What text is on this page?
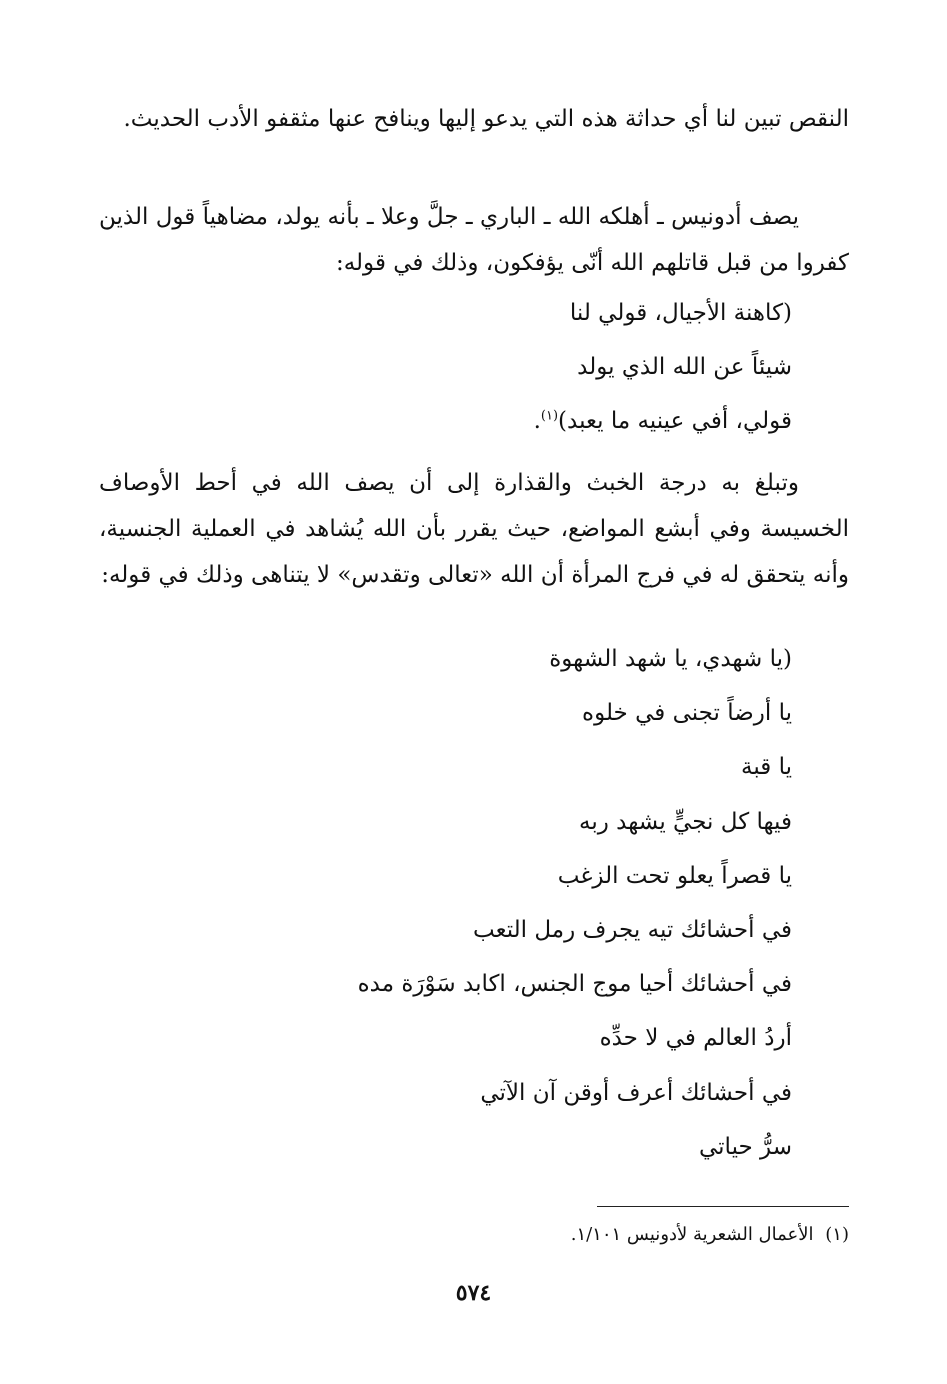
النقص تبين لنا أي حداثة هذه التي يدعو إليها وينافح عنها مثقفو الأدب الحديث.

يصف أدونيس ـ أهلكه الله ـ الباري ـ جلَّ وعلا ـ بأنه يولد، مضاهياً قول الذين كفروا من قبل قاتلهم الله أنّى يؤفكون، وذلك في قوله:

(كاهنة الأجيال، قولي لنا
شيئاً عن الله الذي يولد
قولي، أفي عينيه ما يعبد)$^{(١)}$.

وتبلغ به درجة الخبث والقذارة إلى أن يصف الله في أحط الأوصاف الخسيسة وفي أبشع المواضع، حيث يقرر بأن الله يُشاهد في العملية الجنسية، وأنه يتحقق له في فرج المرأة أن الله «تعالى وتقدس» لا يتناهى وذلك في قوله:

(يا شهدي، يا شهد الشهوة
يا أرضاً تجنى في خلوه
يا قبة
فيها كل نجيٍّ يشهد ربه
يا قصراً يعلو تحت الزغب
في أحشائك تيه يجرف رمل التعب
في أحشائك أحيا موج الجنس، اكابد سَوْرَة مده
أردُ العالم في لا حدِّه
في أحشائك أعرف أوقن آن الآتي
سرُّ حياتي
(١) الأعمال الشعرية لأدونيس ١/١٠١.
٥٧٤
